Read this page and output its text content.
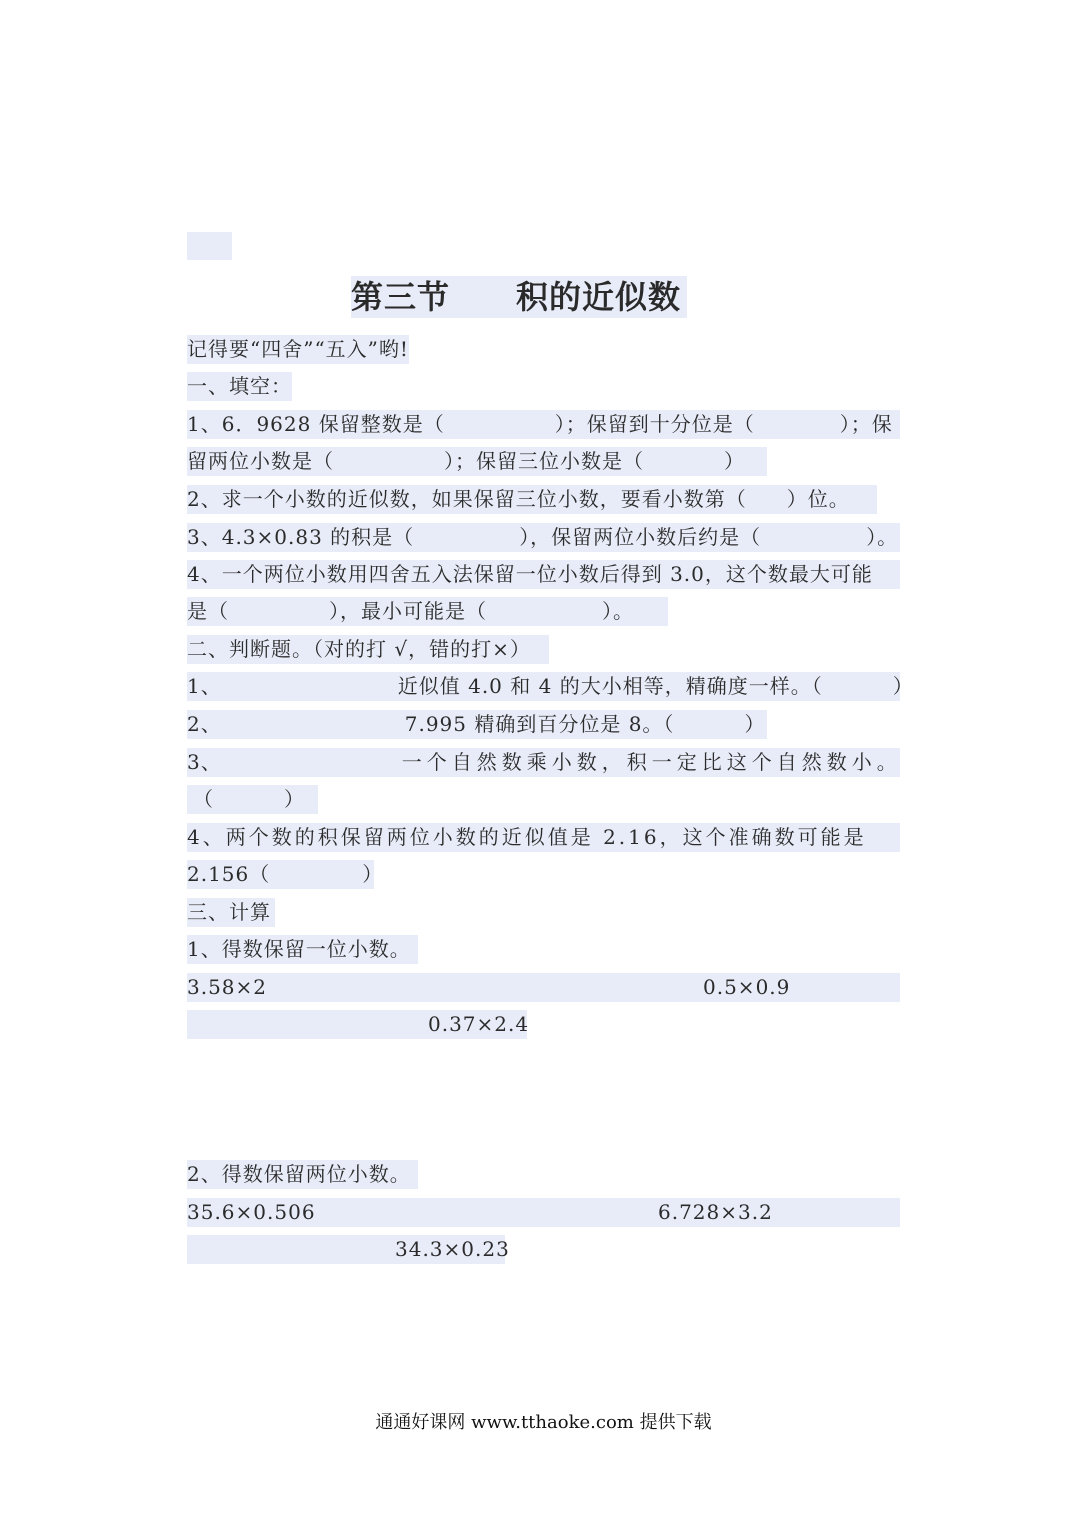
第三节 积的近似数
记得要“四舍”“五入”哟!
一、填空：
1、6．9628 保留整数是（	）；保留到十分位是（	）；保
留两位小数是（	）；保留三位小数是（	）
2、求一个小数的近似数，如果保留三位小数，要看小数第（ ）位。
3、4.3×0.83 的积是（	），保留两位小数后约是（	）。
4、一个两位小数用四舍五入法保留一位小数后得到 3.0，这个数最大可能
是（	），最小可能是（	）。
二、判断题。（对的打 √，错的打×）
1、	近似值 4.0 和 4 的大小相等，精确度一样。（	）
2、	7.995 精确到百分位是 8。（	）
3、	一个自然数乘小数，积一定比这个自然数小。
（	）
4、两个数的积保留两位小数的近似值是 2.16，这个准确数可能是
2.156（	）
三、计算
1、得数保留一位小数。
3.58×2	0.5×0.9
0.37×2.4
2、得数保留两位小数。
35.6×0.506	6.728×3.2
34.3×0.23
通通好课网 www.tthaoke.com 提供下载
